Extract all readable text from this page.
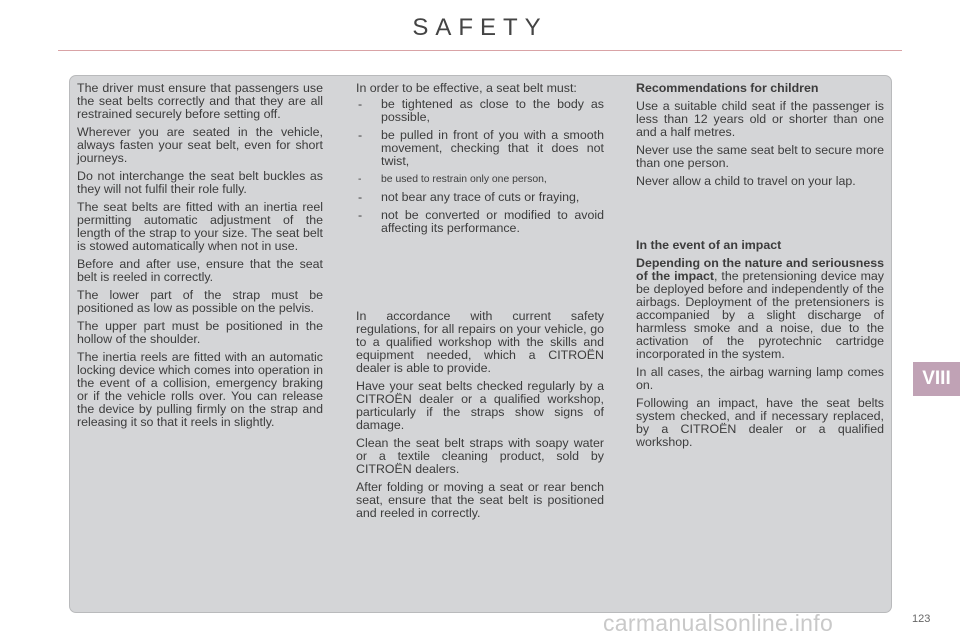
SAFETY

The driver must ensure that passengers use the seat belts correctly and that they are all restrained securely before setting off.

Wherever you are seated in the vehicle, always fasten your seat belt, even for short journeys.

Do not interchange the seat belt buckles as they will not fulfil their role fully.

The seat belts are fitted with an inertia reel permitting automatic adjustment of the length of the strap to your size. The seat belt is stowed automatically when not in use.

Before and after use, ensure that the seat belt is reeled in correctly.

The lower part of the strap must be positioned as low as possible on the pelvis.

The upper part must be positioned in the hollow of the shoulder.

The inertia reels are fitted with an automatic locking device which comes into operation in the event of a collision, emergency braking or if the vehicle rolls over. You can release the device by pulling firmly on the strap and releasing it so that it reels in slightly.

In order to be effective, a seat belt must:

- be tightened as close to the body as possible,
- be pulled in front of you with a smooth movement, checking that it does not twist,
- be used to restrain only one person,
- not bear any trace of cuts or fraying,
- not be converted or modified to avoid affecting its performance.

In accordance with current safety regulations, for all repairs on your vehicle, go to a qualified workshop with the skills and equipment needed, which a CITROËN dealer is able to provide.

Have your seat belts checked regularly by a CITROËN dealer or a qualified workshop, particularly if the straps show signs of damage.

Clean the seat belt straps with soapy water or a textile cleaning product, sold by CITROËN dealers.

After folding or moving a seat or rear bench seat, ensure that the seat belt is positioned and reeled in correctly.

Recommendations for children

Use a suitable child seat if the passenger is less than 12 years old or shorter than one and a half metres.

Never use the same seat belt to secure more than one person.

Never allow a child to travel on your lap.

In the event of an impact

Depending on the nature and seriousness of the impact, the pretensioning device may be deployed before and independently of the airbags. Deployment of the pretensioners is accompanied by a slight discharge of harmless smoke and a noise, due to the activation of the pyrotechnic cartridge incorporated in the system.

In all cases, the airbag warning lamp comes on.

Following an impact, have the seat belts system checked, and if necessary replaced, by a CITROËN dealer or a qualified workshop.

VIII
carmanualsonline.info	123
